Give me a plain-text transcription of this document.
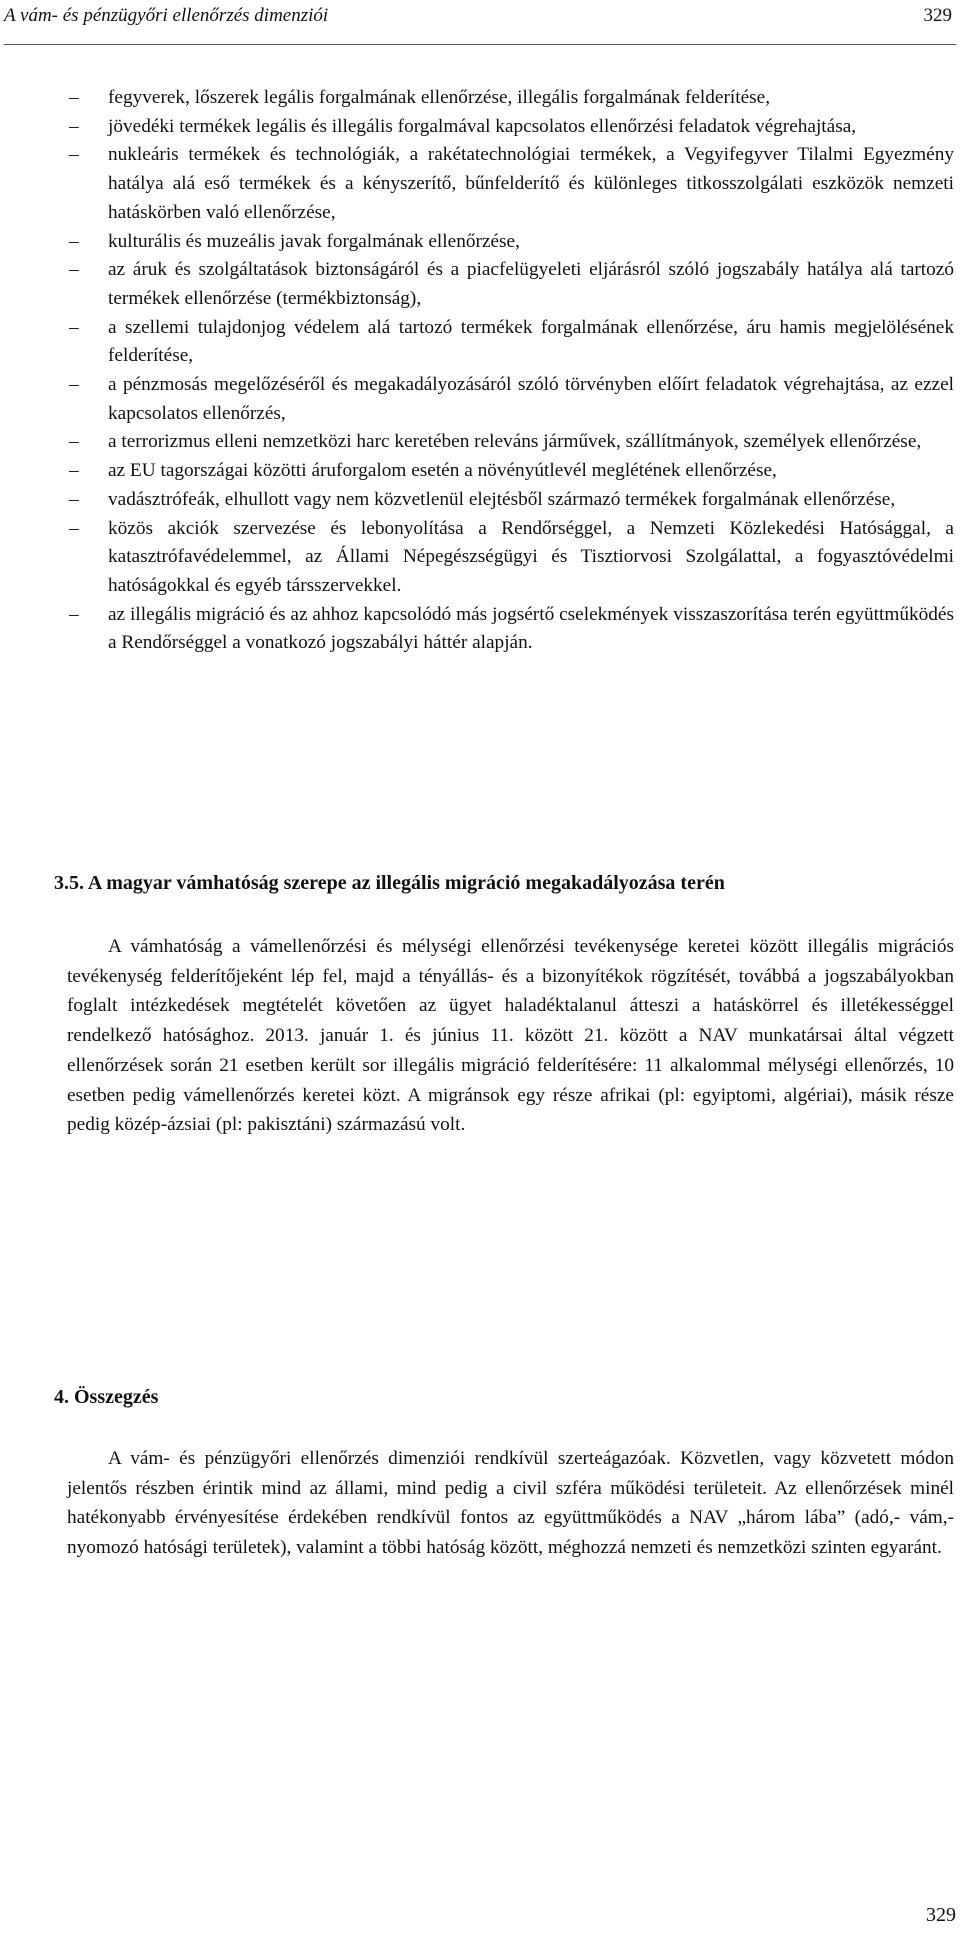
A vám- és pénzügyőri ellenőrzés dimenziói	329
– fegyverek, lőszerek legális forgalmának ellenőrzése, illegális forgalmának felderítése,
– jövedéki termékek legális és illegális forgalmával kapcsolatos ellenőrzési feladatok végrehajtása,
– nukleáris termékek és technológiák, a rakétatechnológiai termékek, a Vegyifegyver Tilalmi Egyezmény hatálya alá eső termékek és a kényszerítő, bűnfelderítő és különleges titkosszolgálati eszközök nemzeti hatáskörben való ellenőrzése,
– kulturális és muzeális javak forgalmának ellenőrzése,
– az áruk és szolgáltatások biztonságáról és a piacfelügyeleti eljárásról szóló jogszabály hatálya alá tartozó termékek ellenőrzése (termékbiztonság),
– a szellemi tulajdonjog védelem alá tartozó termékek forgalmának ellenőrzése, áru hamis megjelölésének felderítése,
– a pénzmosás megelőzéséről és megakadályozásáról szóló törvényben előírt feladatok végrehajtása, az ezzel kapcsolatos ellenőrzés,
– a terrorizmus elleni nemzetközi harc keretében releváns járművek, szállítmányok, személyek ellenőrzése,
– az EU tagországai közötti áruforgalom esetén a növényútlevél meglétének ellenőrzése,
– vadásztrófeák, elhullott vagy nem közvetlenül elejtésből származó termékek forgalmának ellenőrzése,
– közös akciók szervezése és lebonyolítása a Rendőrséggel, a Nemzeti Közlekedési Hatósággal, a katasztrófavédelemmel, az Állami Népegészségügyi és Tisztiorvosi Szolgálattal, a fogyasztóvédelmi hatóságokkal és egyéb társszervekkel.
– az illegális migráció és az ahhoz kapcsolódó más jogsértő cselekmények visszaszorítása terén együttműködés a Rendőrséggel a vonatkozó jogszabályi háttér alapján.
3.5. A magyar vámhatóság szerepe az illegális migráció megakadályozása terén

A vámhatóság a vámellenőrzési és mélységi ellenőrzési tevékenysége keretei között illegális migrációs tevékenység felderítőjeként lép fel, majd a tényállás- és a bizonyítékok rögzítését, továbbá a jogszabályokban foglalt intézkedések megtételét követően az ügyet haladéktalanul átteszi a hatáskörrel és illetékességgel rendelkező hatósághoz. 2013. január 1. és június 11. között 21. között a NAV munkatársai által végzett ellenőrzések során 21 esetben került sor illegális migráció felderítésére: 11 alkalommal mélységi ellenőrzés, 10 esetben pedig vámellenőrzés keretei közt. A migránsok egy része afrikai (pl: egyiptomi, algériai), másik része pedig közép-ázsiai (pl: pakisztáni) származású volt.

4. Összegzés

A vám- és pénzügyőri ellenőrzés dimenziói rendkívül szerteágazóak. Közvetlen, vagy közvetett módon jelentős részben érintik mind az állami, mind pedig a civil szféra működési területeit. Az ellenőrzések minél hatékonyabb érvényesítése érdekében rendkívül fontos az együttműködés a NAV „három lába” (adó,- vám,- nyomozó hatósági területek), valamint a többi hatóság között, méghozzá nemzeti és nemzetközi szinten egyaránt.

329
